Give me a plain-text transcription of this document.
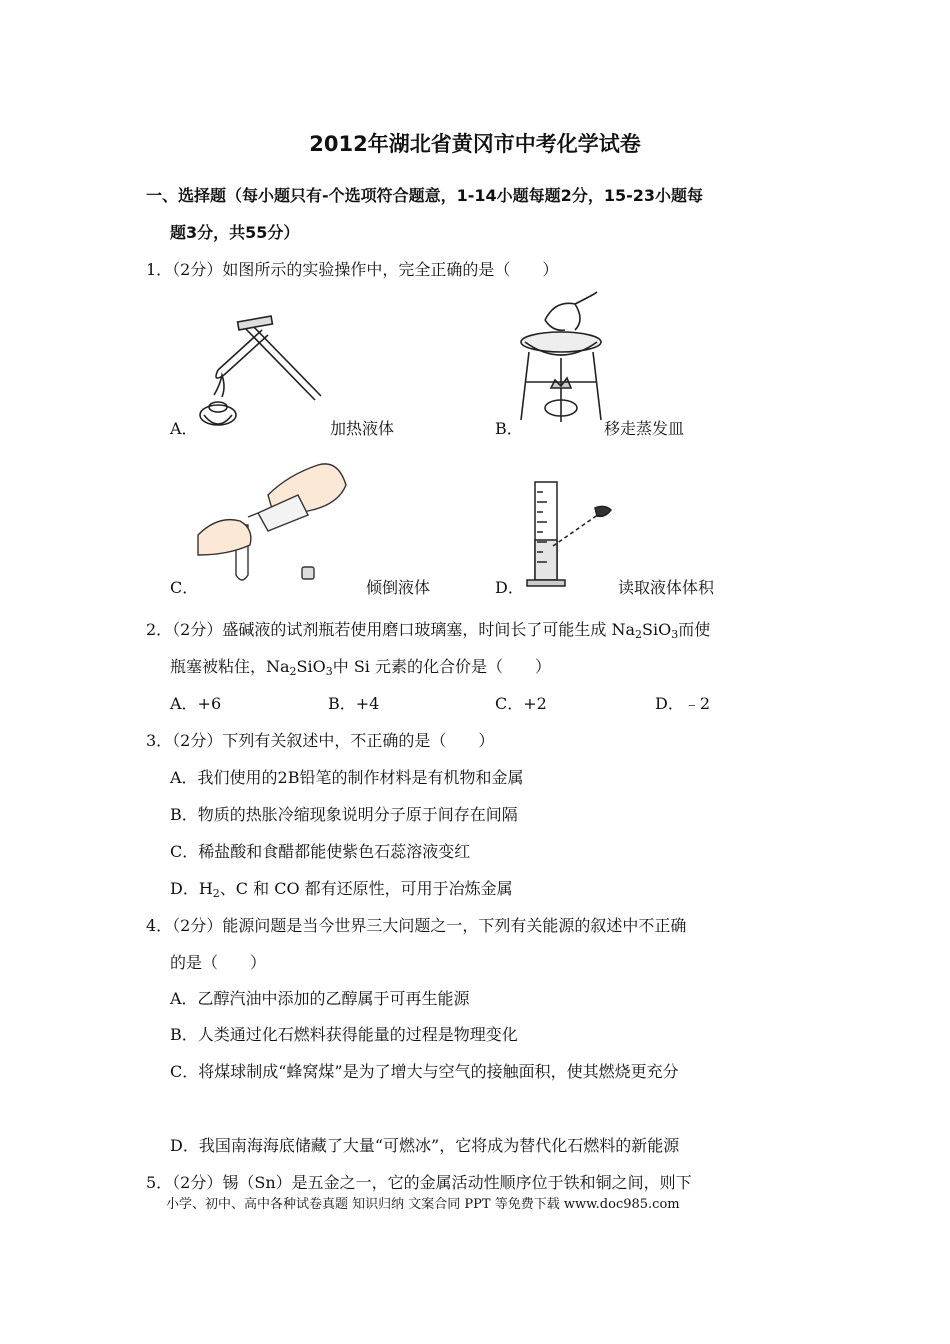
2012年湖北省黄冈市中考化学试卷
一、选择题（每小题只有-个选项符合题意，1-14小题每题2分，15-23小题每
题3分，共55分）
1．（2分）如图所示的实验操作中，完全正确的是（　　）
A．	加热液体	B．	移走蒸发皿
C．	倾倒液体	D．	读取液体体积
2．（2分）盛碱液的试剂瓶若使用磨口玻璃塞，时间长了可能生成 $Na_2SiO_3$而使
瓶塞被粘住，$Na_2SiO_3$中 Si 元素的化合价是（　　）
A．+6	B．+4	C．+2	D．﹣2
3．（2分）下列有关叙述中，不正确的是（　　）
A．我们使用的2B铅笔的制作材料是有机物和金属
B．物质的热胀冷缩现象说明分子原于间存在间隔
C．稀盐酸和食醋都能使紫色石蕊溶液变红
D．$H_2$、C 和 CO 都有还原性，可用于冶炼金属
4．（2分）能源问题是当今世界三大问题之一，下列有关能源的叙述中不正确
的是（　　）
A．乙醇汽油中添加的乙醇属于可再生能源
B．人类通过化石燃料获得能量的过程是物理变化
C．将煤球制成“蜂窝煤”是为了增大与空气的接触面积，使其燃烧更充分
D．我国南海海底储藏了大量“可燃冰”，它将成为替代化石燃料的新能源
5．（2分）锡（Sn）是五金之一，它的金属活动性顺序位于铁和铜之间，则下
小学、初中、高中各种试卷真题 知识归纳 文案合同 PPT 等免费下载 www.doc985.com
